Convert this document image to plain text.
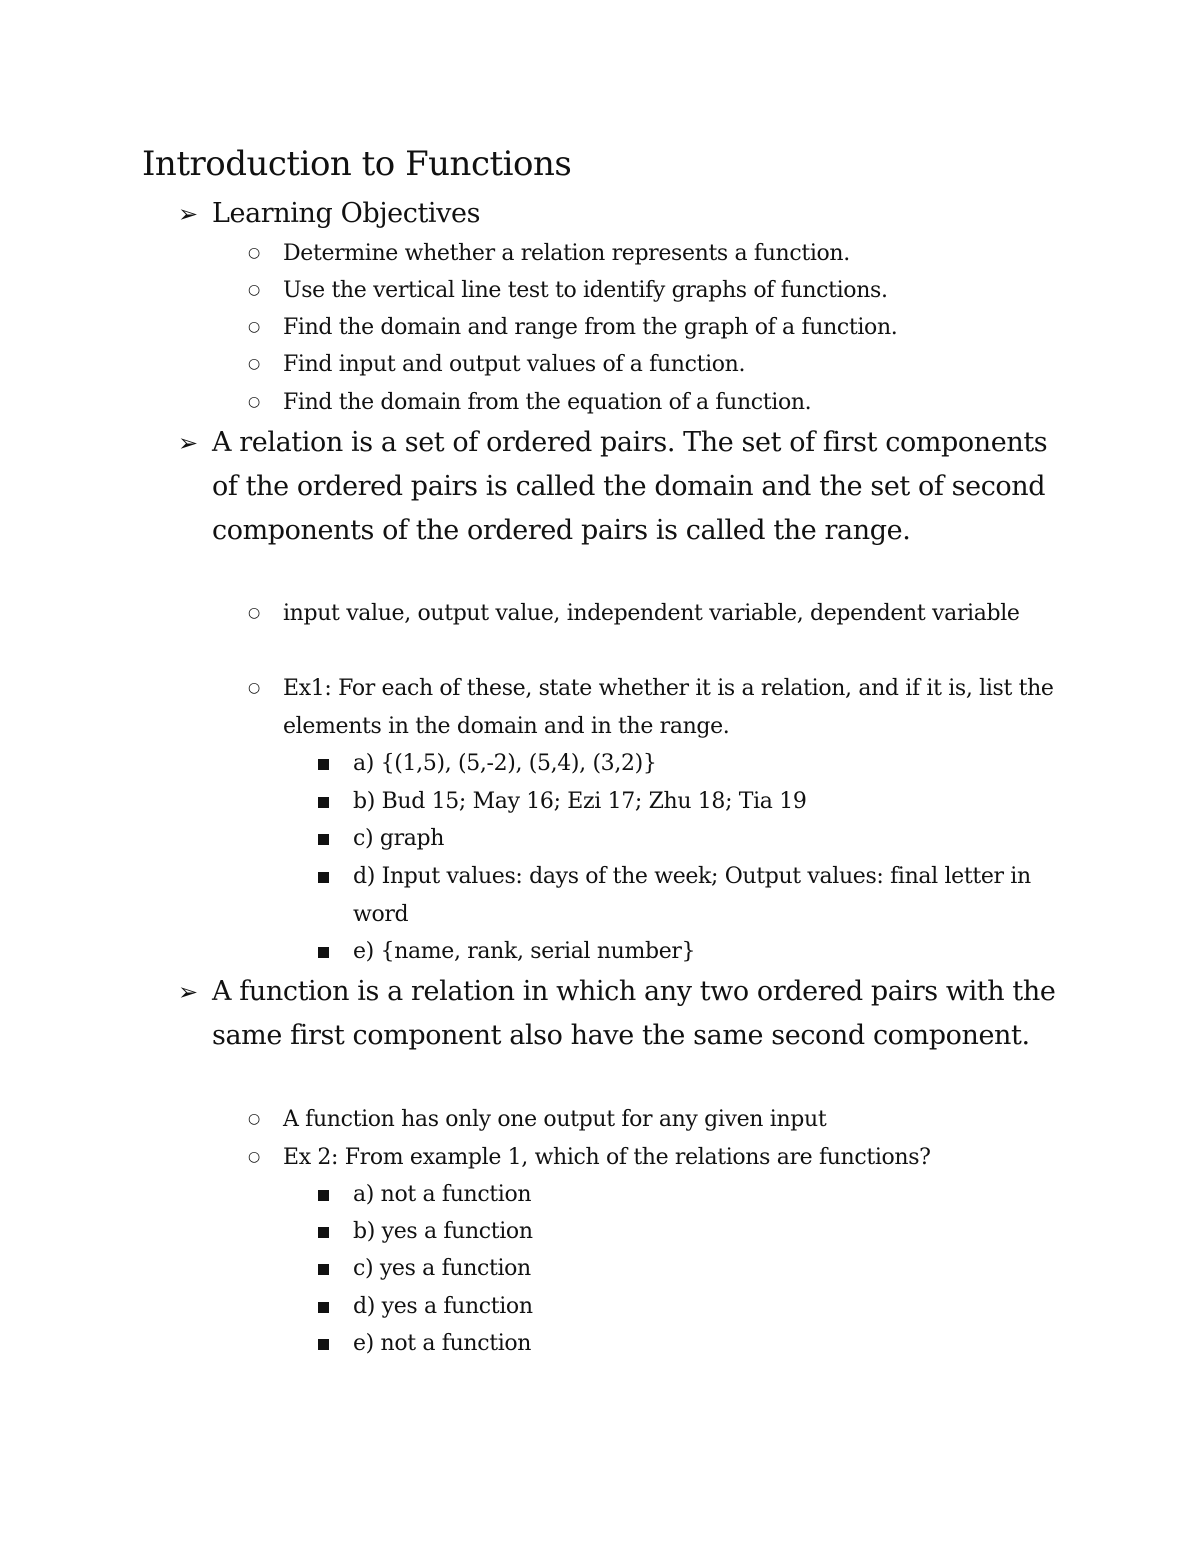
Introduction to Functions
➢ Learning Objectives
○	Determine whether a relation represents a function.
○	Use the vertical line test to identify graphs of functions.
○	Find the domain and range from the graph of a function.
○	Find input and output values of a function.
○	Find the domain from the equation of a function.
➢ A relation is a set of ordered pairs. The set of first components of the ordered pairs is called the domain and the set of second components of the ordered pairs is called the range.
○	input value, output value, independent variable, dependent variable
○	Ex1: For each of these, state whether it is a relation, and if it is, list the elements in the domain and in the range.
a) {(1,5), (5,-2), (5,4), (3,2)}
b) Bud 15; May 16; Ezi 17; Zhu 18; Tia 19
c) graph
d) Input values: days of the week; Output values: final letter in word
e) {name, rank, serial number}
➢ A function is a relation in which any two ordered pairs with the same first component also have the same second component.
○	A function has only one output for any given input
○	Ex 2: From example 1, which of the relations are functions?
a) not a function
b) yes a function
c) yes a function
d) yes a function
e) not a function
